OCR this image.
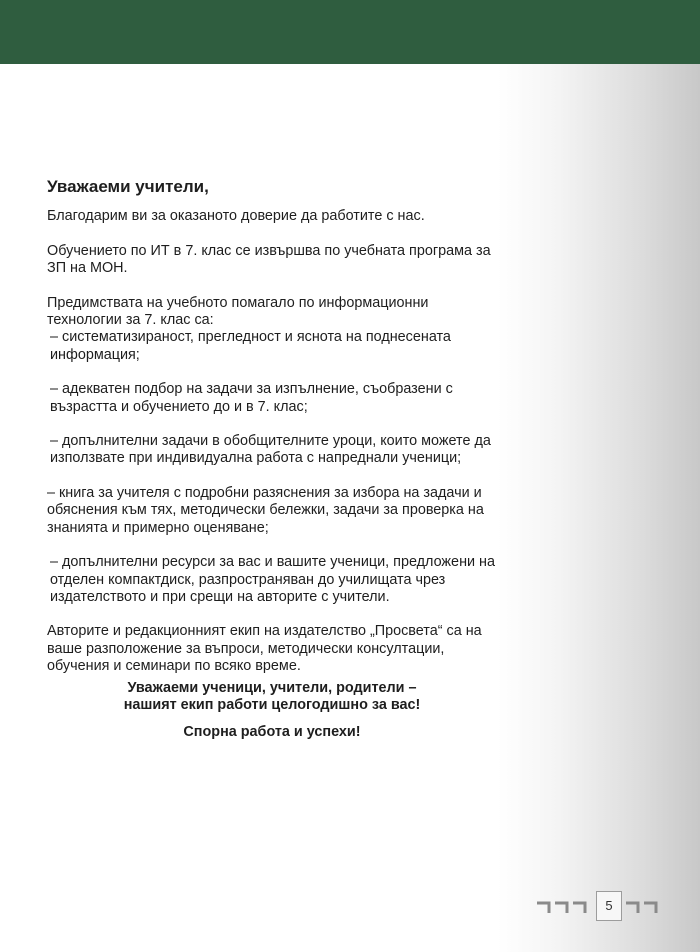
Уважаеми учители,
Благодарим ви за оказаното доверие да работите с нас.
Обучението по ИТ в 7. клас се извършва по учебната програма за ЗП на МОН.
Предимствата на учебното помагало по информационни технологии за 7. клас са:
– систематизираност, прегледност и яснота на поднесената информация;
– адекватен подбор на задачи за изпълнение, съобразени с възрастта и обучението до и в 7. клас;
– допълнителни задачи в обобщителните уроци, които можете да използвате при индивидуална работа с напреднали ученици;
– книга за учителя с подробни разяснения за избора на задачи и обяснения към тях, методически бележки, задачи за проверка на знанията и примерно оценяване;
– допълнителни ресурси за вас и вашите ученици, предложени на отделен компактдиск, разпространяван до училищата чрез издателството и при срещи на авторите с учители.
Авторите и редакционният екип на издателство „Просвета“ са на ваше разположение за въпроси, методически консултации, обучения и семинари по всяко време.
Уважаеми ученици, учители, родители –
нашият екип работи целогодишно за вас!
Спорна работа и успехи!
5
